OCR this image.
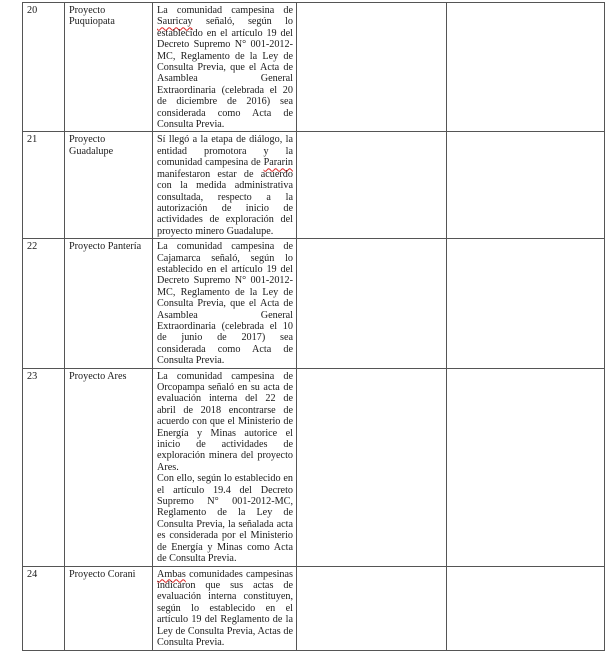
20	Proyecto Puquiopata	La comunidad campesina de Sauricay señaló, según lo establecido en el artículo 19 del Decreto Supremo N° 001-2012-MC, Reglamento de la Ley de Consulta Previa, que el Acta de Asamblea General Extraordinaria (celebrada el 20 de diciembre de 2016) sea considerada como Acta de Consulta Previa.		
21	Proyecto Guadalupe	Sí llegó a la etapa de diálogo, la entidad promotora y la comunidad campesina de Pararin manifestaron estar de acuerdo con la medida administrativa consultada, respecto a la autorización de inicio de actividades de exploración del proyecto minero Guadalupe.		
22	Proyecto Pantería	La comunidad campesina de Cajamarca señaló, según lo establecido en el artículo 19 del Decreto Supremo N° 001-2012-MC, Reglamento de la Ley de Consulta Previa, que el Acta de Asamblea General Extraordinaria (celebrada el 10 de junio de 2017) sea considerada como Acta de Consulta Previa.		
23	Proyecto Ares	La comunidad campesina de Orcopampa señaló en su acta de evaluación interna del 22 de abril de 2018 encontrarse de acuerdo con que el Ministerio de Energía y Minas autorice el inicio de actividades de exploración minera del proyecto Ares.
Con ello, según lo establecido en el artículo 19.4 del Decreto Supremo N° 001-2012-MC, Reglamento de la Ley de Consulta Previa, la señalada acta es considerada por el Ministerio de Energía y Minas como Acta de Consulta Previa.		

24	Proyecto Corani	Ambas comunidades campesinas indicaron que sus actas de evaluación interna constituyen, según lo establecido en el artículo 19 del Reglamento de la Ley de Consulta Previa, Actas de Consulta Previa.		
